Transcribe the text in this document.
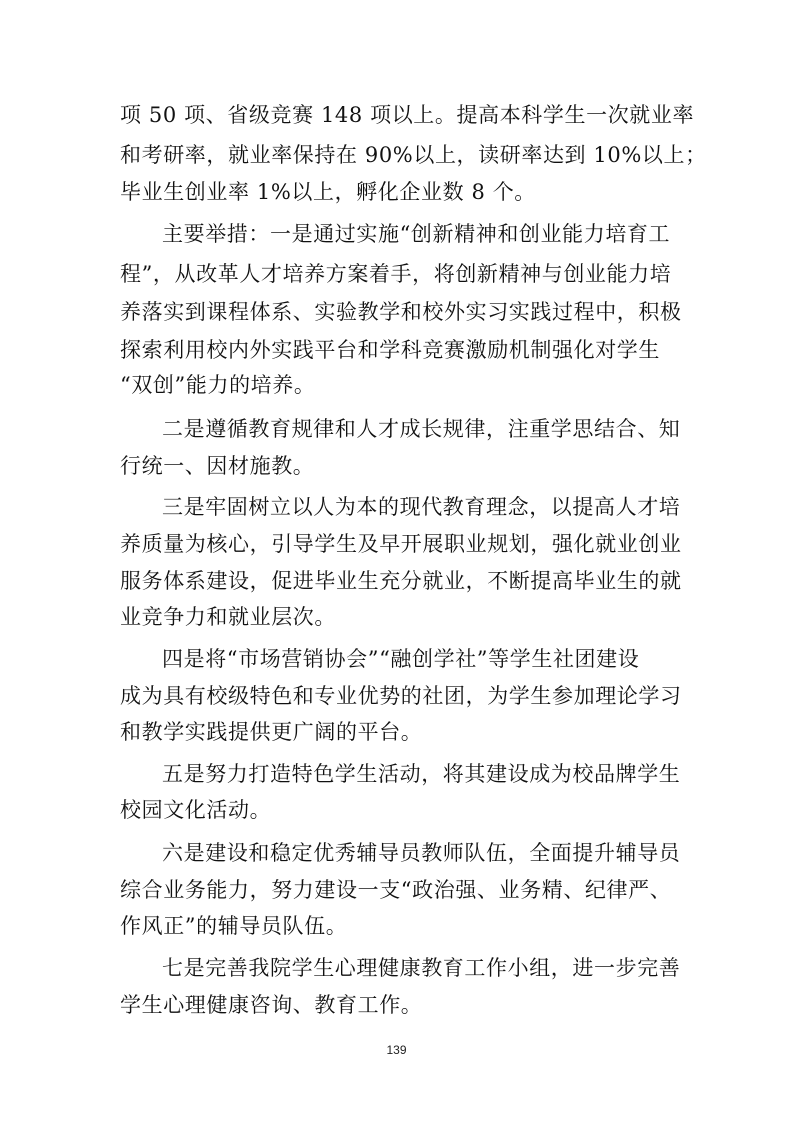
项 50 项、省级竞赛 148 项以上。提高本科学生一次就业率
和考研率，就业率保持在 90%以上，读研率达到 10%以上；
毕业生创业率 1%以上，孵化企业数 8 个。
主要举措：一是通过实施“创新精神和创业能力培育工
程”，从改革人才培养方案着手，将创新精神与创业能力培
养落实到课程体系、实验教学和校外实习实践过程中，积极
探索利用校内外实践平台和学科竞赛激励机制强化对学生
“双创”能力的培养。
二是遵循教育规律和人才成长规律，注重学思结合、知
行统一、因材施教。
三是牢固树立以人为本的现代教育理念，以提高人才培
养质量为核心，引导学生及早开展职业规划，强化就业创业
服务体系建设，促进毕业生充分就业，不断提高毕业生的就
业竞争力和就业层次。
四是将“市场营销协会”“融创学社”等学生社团建设
成为具有校级特色和专业优势的社团，为学生参加理论学习
和教学实践提供更广阔的平台。
五是努力打造特色学生活动，将其建设成为校品牌学生
校园文化活动。
六是建设和稳定优秀辅导员教师队伍，全面提升辅导员
综合业务能力，努力建设一支“政治强、业务精、纪律严、
作风正”的辅导员队伍。
七是完善我院学生心理健康教育工作小组，进一步完善
学生心理健康咨询、教育工作。
139
